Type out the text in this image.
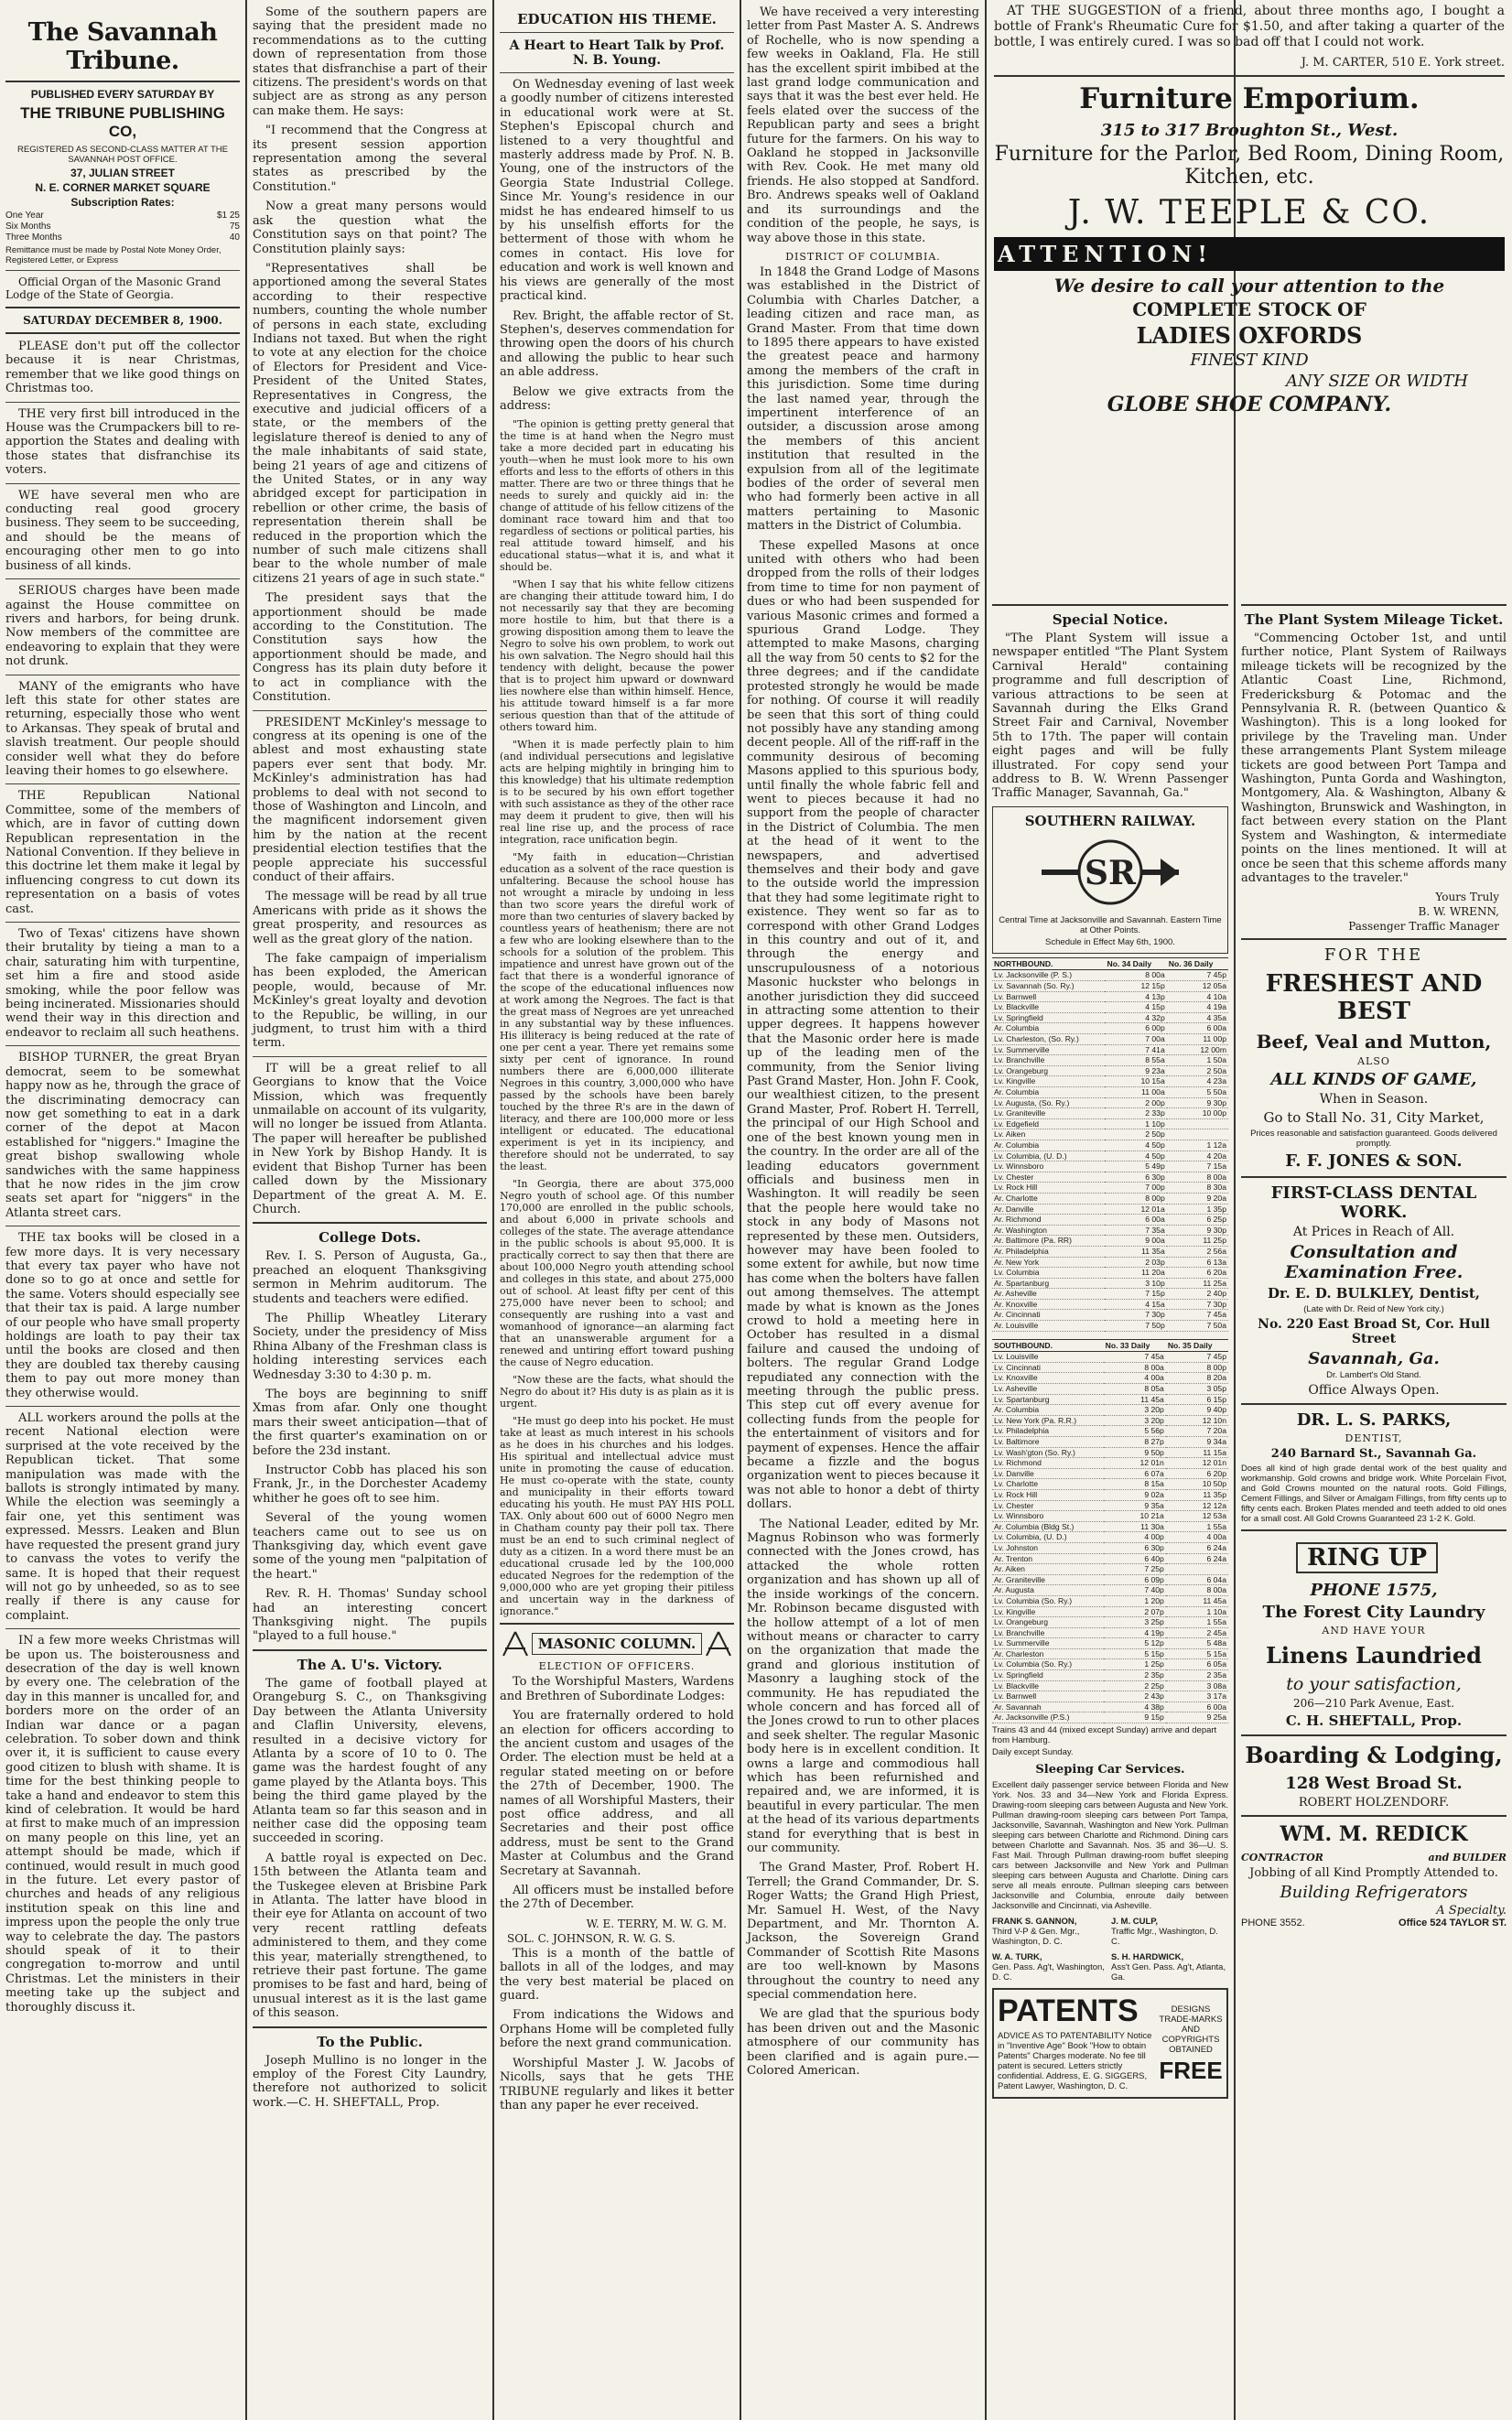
The Savannah Tribune.
PUBLISHED EVERY SATURDAY BY
THE TRIBUNE PUBLISHING CO,
REGISTERED AS SECOND-CLASS MATTER AT THE SAVANNAH POST OFFICE.
37, JULIAN STREET
N. E. CORNER MARKET SQUARE
Subscription Rates:
One Year	$1 25
Six Months	75
Three Months	40
Remittance must be made by Postal Note Money Order, Registered Letter, or Express
Official Organ of the Masonic Grand Lodge of the State of Georgia.
SATURDAY DECEMBER 8, 1900.

PLEASE don't put off the collector because it is near Christmas, remember that we like good things on Christmas too.

THE very first bill introduced in the House was the Crumpackers bill to re-apportion the States and dealing with those states that disfranchise its voters.

WE have several men who are conducting real good grocery business. They seem to be succeeding, and should be the means of encouraging other men to go into business of all kinds.

SERIOUS charges have been made against the House committee on rivers and harbors, for being drunk. Now members of the committee are endeavoring to explain that they were not drunk.

MANY of the emigrants who have left this state for other states are returning, especially those who went to Arkansas. They speak of brutal and slavish treatment. Our people should consider well what they do before leaving their homes to go elsewhere.

THE Republican National Committee, some of the members of which, are in favor of cutting down Republican representation in the National Convention. If they believe in this doctrine let them make it legal by influencing congress to cut down its representation on a basis of votes cast.

Two of Texas' citizens have shown their brutality by tieing a man to a chair, saturating him with turpentine, set him a fire and stood aside smoking, while the poor fellow was being incinerated. Missionaries should wend their way in this direction and endeavor to reclaim all such heathens.

BISHOP TURNER, the great Bryan democrat, seem to be somewhat happy now as he, through the grace of the discriminating democracy can now get something to eat in a dark corner of the depot at Macon established for "niggers." Imagine the great bishop swallowing whole sandwiches with the same happiness that he now rides in the jim crow seats set apart for "niggers" in the Atlanta street cars.

THE tax books will be closed in a few more days. It is very necessary that every tax payer who have not done so to go at once and settle for the same. Voters should especially see that their tax is paid. A large number of our people who have small property holdings are loath to pay their tax until the books are closed and then they are doubled tax thereby causing them to pay out more money than they otherwise would.

ALL workers around the polls at the recent National election were surprised at the vote received by the Republican ticket. That some manipulation was made with the ballots is strongly intimated by many. While the election was seemingly a fair one, yet this sentiment was expressed. Messrs. Leaken and Blun have requested the present grand jury to canvass the votes to verify the same. It is hoped that their request will not go by unheeded, so as to see really if there is any cause for complaint.

IN a few more weeks Christmas will be upon us. The boisterousness and desecration of the day is well known by every one. The celebration of the day in this manner is uncalled for, and borders more on the order of an Indian war dance or a pagan celebration. To sober down and think over it, it is sufficient to cause every good citizen to blush with shame. It is time for the best thinking people to take a hand and endeavor to stem this kind of celebration. It would be hard at first to make much of an impression on many people on this line, yet an attempt should be made, which if continued, would result in much good in the future. Let every pastor of churches and heads of any religious institution speak on this line and impress upon the people the only true way to celebrate the day. The pastors should speak of it to their congregation to-morrow and until Christmas. Let the ministers in their meeting take up the subject and thoroughly discuss it.

Some of the southern papers are saying that the president made no recommendations as to the cutting down of representation from those states that disfranchise a part of their citizens. The president's words on that subject are as strong as any person can make them. He says:

"I recommend that the Congress at its present session apportion representation among the several states as prescribed by the Constitution."

Now a great many persons would ask the question what the Constitution says on that point? The Constitution plainly says:

"Representatives shall be apportioned among the several States according to their respective numbers, counting the whole number of persons in each state, excluding Indians not taxed. But when the right to vote at any election for the choice of Electors for President and Vice-President of the United States, Representatives in Congress, the executive and judicial officers of a state, or the members of the legislature thereof is denied to any of the male inhabitants of said state, being 21 years of age and citizens of the United States, or in any way abridged except for participation in rebellion or other crime, the basis of representation therein shall be reduced in the proportion which the number of such male citizens shall bear to the whole number of male citizens 21 years of age in such state."

The president says that the apportionment should be made according to the Constitution. The Constitution says how the apportionment should be made, and Congress has its plain duty before it to act in compliance with the Constitution.

PRESIDENT McKinley's message to congress at its opening is one of the ablest and most exhausting state papers ever sent that body. Mr. McKinley's administration has had problems to deal with not second to those of Washington and Lincoln, and the magnificent indorsement given him by the nation at the recent presidential election testifies that the people appreciate his successful conduct of their affairs.

The message will be read by all true Americans with pride as it shows the great prosperity, and resources as well as the great glory of the nation.

The fake campaign of imperialism has been exploded, the American people, would, because of Mr. McKinley's great loyalty and devotion to the Republic, be willing, in our judgment, to trust him with a third term.

IT will be a great relief to all Georgians to know that the Voice Mission, which was frequently unmailable on account of its vulgarity, will no longer be issued from Atlanta. The paper will hereafter be published in New York by Bishop Handy. It is evident that Bishop Turner has been called down by the Missionary Department of the great A. M. E. Church.

College Dots.

Rev. I. S. Person of Augusta, Ga., preached an eloquent Thanksgiving sermon in Mehrim auditorum. The students and teachers were edified.

The Phillip Wheatley Literary Society, under the presidency of Miss Rhina Albany of the Freshman class is holding interesting services each Wednesday 3:30 to 4:30 p. m.

The boys are beginning to sniff Xmas from afar. Only one thought mars their sweet anticipation—that of the first quarter's examination on or before the 23d instant.

Instructor Cobb has placed his son Frank, Jr., in the Dorchester Academy whither he goes oft to see him.

Several of the young women teachers came out to see us on Thanksgiving day, which event gave some of the young men "palpitation of the heart."

Rev. R. H. Thomas' Sunday school had an interesting concert Thanksgiving night. The pupils "played to a full house."

The A. U's. Victory.

The game of football played at Orangeburg S. C., on Thanksgiving Day between the Atlanta University and Claflin University, elevens, resulted in a decisive victory for Atlanta by a score of 10 to 0. The game was the hardest fought of any game played by the Atlanta boys. This being the third game played by the Atlanta team so far this season and in neither case did the opposing team succeeded in scoring.

A battle royal is expected on Dec. 15th between the Atlanta team and the Tuskegee eleven at Brisbine Park in Atlanta. The latter have blood in their eye for Atlanta on account of two very recent rattling defeats administered to them, and they come this year, materially strengthened, to retrieve their past fortune. The game promises to be fast and hard, being of unusual interest as it is the last game of this season.

To the Public.

Joseph Mullino is no longer in the employ of the Forest City Laundry, therefore not authorized to solicit work.—C. H. SHEFTALL, Prop.

EDUCATION HIS THEME.
A Heart to Heart Talk by Prof. N. B. Young.

On Wednesday evening of last week a goodly number of citizens interested in educational work were at St. Stephen's Episcopal church and listened to a very thoughtful and masterly address made by Prof. N. B. Young, one of the instructors of the Georgia State Industrial College. Since Mr. Young's residence in our midst he has endeared himself to us by his unselfish efforts for the betterment of those with whom he comes in contact. His love for education and work is well known and his views are generally of the most practical kind.

Rev. Bright, the affable rector of St. Stephen's, deserves commendation for throwing open the doors of his church and allowing the public to hear such an able address.

Below we give extracts from the address:

"The opinion is getting pretty general that the time is at hand when the Negro must take a more decided part in educating his youth—when he must look more to his own efforts and less to the efforts of others in this matter. There are two or three things that he needs to surely and quickly aid in: the change of attitude of his fellow citizens of the dominant race toward him and that too regardless of sections or political parties, his real attitude toward himself, and his educational status—what it is, and what it should be.

"When I say that his white fellow citizens are changing their attitude toward him, I do not necessarily say that they are becoming more hostile to him, but that there is a growing disposition among them to leave the Negro to solve his own problem, to work out his own salvation. The Negro should hail this tendency with delight, because the power that is to project him upward or downward lies nowhere else than within himself. Hence, his attitude toward himself is a far more serious question than that of the attitude of others toward him.

"When it is made perfectly plain to him (and individual persecutions and legislative acts are helping mightily in bringing him to this knowledge) that his ultimate redemption is to be secured by his own effort together with such assistance as they of the other race may deem it prudent to give, then will his real line rise up, and the process of race integration, race unification begin.

"My faith in education—Christian education as a solvent of the race question is unfaltering. Because the school house has not wrought a miracle by undoing in less than two score years the direful work of more than two centuries of slavery backed by countless years of heathenism; there are not a few who are looking elsewhere than to the schools for a solution of the problem. This impatience and unrest have grown out of the fact that there is a wonderful ignorance of the scope of the educational influences now at work among the Negroes. The fact is that the great mass of Negroes are yet unreached in any substantial way by these influences. His illiteracy is being reduced at the rate of one per cent a year. There yet remains some sixty per cent of ignorance. In round numbers there are 6,000,000 illiterate Negroes in this country, 3,000,000 who have passed by the schools have been barely touched by the three R's are in the dawn of literacy, and there are 100,000 more or less intelligent or educated. The educational experiment is yet in its incipiency, and therefore should not be underrated, to say the least.

"In Georgia, there are about 375,000 Negro youth of school age. Of this number 170,000 are enrolled in the public schools, and about 6,000 in private schools and colleges of the state. The average attendance in the public schools is about 95,000. It is practically correct to say then that there are about 100,000 Negro youth attending school and colleges in this state, and about 275,000 out of school. At least fifty per cent of this 275,000 have never been to school; and consequently are rushing into a vast and womanhood of ignorance—an alarming fact that an unanswerable argument for a renewed and untiring effort toward pushing the cause of Negro education.

"Now these are the facts, what should the Negro do about it? His duty is as plain as it is urgent.

"He must go deep into his pocket. He must take at least as much interest in his schools as he does in his churches and his lodges. His spiritual and intellectual advice must unite in promoting the cause of education. He must co-operate with the state, county and municipality in their efforts toward educating his youth. He must PAY HIS POLL TAX. Only about 600 out of 6000 Negro men in Chatham county pay their poll tax. There must be an end to such criminal neglect of duty as a citizen. In a word there must be an educational crusade led by the 100,000 educated Negroes for the redemption of the 9,000,000 who are yet groping their pitiless and uncertain way in the darkness of ignorance."

MASONIC COLUMN.
ELECTION OF OFFICERS.

To the Worshipful Masters, Wardens and Brethren of Subordinate Lodges:

You are fraternally ordered to hold an election for officers according to the ancient custom and usages of the Order. The election must be held at a regular stated meeting on or before the 27th of December, 1900. The names of all Worshipful Masters, their post office address, and all Secretaries and their post office address, must be sent to the Grand Master at Columbus and the Grand Secretary at Savannah.

All officers must be installed before the 27th of December.

W. E. TERRY, M. W. G. M.
SOL. C. JOHNSON, R. W. G. S.

This is a month of the battle of ballots in all of the lodges, and may the very best material be placed on guard.

From indications the Widows and Orphans Home will be completed fully before the next grand communication.

Worshipful Master J. W. Jacobs of Nicolls, says that he gets THE TRIBUNE regularly and likes it better than any paper he ever received.

We have received a very interesting letter from Past Master A. S. Andrews of Rochelle, who is now spending a few weeks in Oakland, Fla. He still has the excellent spirit imbibed at the last grand lodge communication and says that it was the best ever held. He feels elated over the success of the Republican party and sees a bright future for the farmers. On his way to Oakland he stopped in Jacksonville with Rev. Cook. He met many old friends. He also stopped at Sandford. Bro. Andrews speaks well of Oakland and its surroundings and the condition of the people, he says, is way above those in this state.

DISTRICT OF COLUMBIA.

In 1848 the Grand Lodge of Masons was established in the District of Columbia with Charles Datcher, a leading citizen and race man, as Grand Master. From that time down to 1895 there appears to have existed the greatest peace and harmony among the members of the craft in this jurisdiction. Some time during the last named year, through the impertinent interference of an outsider, a discussion arose among the members of this ancient institution that resulted in the expulsion from all of the legitimate bodies of the order of several men who had formerly been active in all matters pertaining to Masonic matters in the District of Columbia.

These expelled Masons at once united with others who had been dropped from the rolls of their lodges from time to time for non payment of dues or who had been suspended for various Masonic crimes and formed a spurious Grand Lodge. They attempted to make Masons, charging all the way from 50 cents to $2 for the three degrees; and if the candidate protested strongly he would be made for nothing. Of course it will readily be seen that this sort of thing could not possibly have any standing among decent people. All of the riff-raff in the community desirous of becoming Masons applied to this spurious body, until finally the whole fabric fell and went to pieces because it had no support from the people of character in the District of Columbia. The men at the head of it went to the newspapers, and advertised themselves and their body and gave to the outside world the impression that they had some legitimate right to existence. They went so far as to correspond with other Grand Lodges in this country and out of it, and through the energy and unscrupulousness of a notorious Masonic huckster who belongs in another jurisdiction they did succeed in attracting some attention to their upper degrees. It happens however that the Masonic order here is made up of the leading men of the community, from the Senior living Past Grand Master, Hon. John F. Cook, our wealthiest citizen, to the present Grand Master, Prof. Robert H. Terrell, the principal of our High School and one of the best known young men in the country. In the order are all of the leading educators government officials and business men in Washington. It will readily be seen that the people here would take no stock in any body of Masons not represented by these men. Outsiders, however may have been fooled to some extent for awhile, but now time has come when the bolters have fallen out among themselves. The attempt made by what is known as the Jones crowd to hold a meeting here in October has resulted in a dismal failure and caused the undoing of bolters. The regular Grand Lodge repudiated any connection with the meeting through the public press. This step cut off every avenue for collecting funds from the people for the entertainment of visitors and for payment of expenses. Hence the affair became a fizzle and the bogus organization went to pieces because it was not able to honor a debt of thirty dollars.

The National Leader, edited by Mr. Magnus Robinson who was formerly connected with the Jones crowd, has attacked the whole rotten organization and has shown up all of the inside workings of the concern. Mr. Robinson became disgusted with the hollow attempt of a lot of men without means or character to carry on the organization that made the grand and glorious institution of Masonry a laughing stock of the community. He has repudiated the whole concern and has forced all of the Jones crowd to run to other places and seek shelter. The regular Masonic body here is in excellent condition. It owns a large and commodious hall which has been refurnished and repaired and, we are informed, it is beautiful in every particular. The men at the head of its various departments stand for everything that is best in our community.

The Grand Master, Prof. Robert H. Terrell; the Grand Commander, Dr. S. Roger Watts; the Grand High Priest, Mr. Samuel H. West, of the Navy Department, and Mr. Thornton A. Jackson, the Sovereign Grand Commander of Scottish Rite Masons are too well-known by Masons throughout the country to need any special commendation here.

We are glad that the spurious body has been driven out and the Masonic atmosphere of our community has been clarified and is again pure.—Colored American.

AT THE SUGGESTION of a friend, about three months ago, I bought a bottle of Frank's Rheumatic Cure for $1.50, and after taking a quarter of the bottle, I was entirely cured. I was so bad off that I could not work.

J. M. CARTER, 510 E. York street.
Furniture Emporium.
315 to 317 Broughton St., West.
Furniture for the Parlor, Bed Room, Dining Room, Kitchen, etc.
J. W. TEEPLE & CO.
ATTENTION!
We desire to call your attention to the
COMPLETE STOCK OF
LADIES OXFORDS
FINEST KIND
ANY SIZE OR WIDTH
GLOBE SHOE COMPANY.
Special Notice.

"The Plant System will issue a newspaper entitled "The Plant System Carnival Herald" containing programme and full description of various attractions to be seen at Savannah during the Elks Grand Street Fair and Carnival, November 5th to 17th. The paper will contain eight pages and will be fully illustrated. For copy send your address to B. W. Wrenn Passenger Traffic Manager, Savannah, Ga."

SOUTHERN RAILWAY.
SR
Central Time at Jacksonville and Savannah. Eastern Time at Other Points.
Schedule in Effect May 6th, 1900.
NORTHBOUND.	No. 34 Daily	No. 36 Daily
Lv. Jacksonville (P. S.)	8 00a	7 45p
Lv. Savannah (So. Ry.)	12 15p	12 05a
Lv. Barnwell	4 13p	4 10a
Lv. Blackville	4 15p	4 19a
Lv. Springfield	4 32p	4 35a
Ar. Columbia	6 00p	6 00a
Lv. Charleston, (So. Ry.)	7 00a	11 00p
Lv. Summerville	7 41a	12 00m
Lv. Branchville	8 55a	1 50a
Lv. Orangeburg	9 23a	2 50a
Lv. Kingville	10 15a	4 23a
Ar. Columbia	11 00a	5 50a
Lv. Augusta, (So. Ry.)	2 00p	9 30p
Lv. Graniteville	2 33p	10 00p
Lv. Edgefield	1 10p	
Lv. Aiken	2 50p	
Ar. Columbia	4 50p	1 12a
Lv. Columbia, (U. D.)	4 50p	4 20a
Lv. Winnsboro	5 49p	7 15a
Lv. Chester	6 30p	8 00a
Lv. Rock Hill	7 00p	8 30a
Ar. Charlotte	8 00p	9 20a
Ar. Danville	12 01a	1 35p
Ar. Richmond	6 00a	6 25p
Ar. Washington	7 35a	9 30p
Ar. Baltimore (Pa. RR)	9 00a	11 25p
Ar. Philadelphia	11 35a	2 56a
Ar. New York	2 03p	6 13a
Lv. Columbia	11 20a	6 20a
Ar. Spartanburg	3 10p	11 25a
Ar. Asheville	7 15p	2 40p
Ar. Knoxville	4 15a	7 30p
Ar. Cincinnati	7 30p	7 45a
Ar. Louisville	7 50p	7 50a
SOUTHBOUND.	No. 33 Daily	No. 35 Daily
Lv. Louisville	7 45a	7 45p
Lv. Cincinnati	8 00a	8 00p
Lv. Knoxville	4 00a	8 20a
Lv. Asheville	8 05a	3 05p
Lv. Spartanburg	11 45a	6 15p
Ar. Columbia	3 20p	9 40p
Lv. New York (Pa. R.R.)	3 20p	12 10n
Lv. Philadelphia	5 56p	7 20a
Lv. Baltimore	8 27p	9 34a
Lv. Wash'gton (So. Ry.)	9 50p	11 15a
Lv. Richmond	12 01n	12 01n
Lv. Danville	6 07a	6 20p
Lv. Charlotte	8 15a	10 50p
Lv. Rock Hill	9 02a	11 35p
Lv. Chester	9 35a	12 12a
Lv. Winnsboro	10 21a	12 53a
Ar. Columbia (Bldg St.)	11 30a	1 55a
Lv. Columbia, (U. D.)	4 00p	4 00a
Lv. Johnston	6 30p	6 24a
Ar. Trenton	6 40p	6 24a
Ar. Aiken	7 25p	
Ar. Graniteville	6 09p	6 04a
Ar. Augusta	7 40p	8 00a
Lv. Columbia (So. Ry.)	1 20p	11 45a
Lv. Kingville	2 07p	1 10a
Lv. Orangeburg	3 25p	1 55a
Lv. Branchville	4 19p	2 45a
Lv. Summerville	5 12p	5 48a
Ar. Charleston	5 15p	5 15a
Lv. Columbia (So. Ry.)	1 25p	6 05a
Lv. Springfield	2 35p	2 35a
Lv. Blackville	2 25p	3 08a
Lv. Barnwell	2 43p	3 17a
Ar. Savannah	4 38p	6 00a
Ar. Jacksonville (P.S.)	9 15p	9 25a
Trains 43 and 44 (mixed except Sunday) arrive and depart from Hamburg.
Daily except Sunday.
Sleeping Car Services.
Excellent daily passenger service between Florida and New York. Nos. 33 and 34—New York and Florida Express. Drawing-room sleeping cars between Augusta and New York. Pullman drawing-room sleeping cars between Port Tampa, Jacksonville, Savannah, Washington and New York. Pullman sleeping cars between Charlotte and Richmond. Dining cars between Charlotte and Savannah. Nos. 35 and 36—U. S. Fast Mail. Through Pullman drawing-room buffet sleeping cars between Jacksonville and New York and Pullman sleeping cars between Augusta and Charlotte. Dining cars serve all meals enroute. Pullman sleeping cars between Jacksonville and Columbia, enroute daily between Jacksonville and Cincinnati, via Asheville.
FRANK S. GANNON,
Third V-P & Gen. Mgr., Washington, D. C.
J. M. CULP,
Traffic Mgr., Washington, D. C.
W. A. TURK,
Gen. Pass. Ag't, Washington, D. C.
S. H. HARDWICK,
Ass't Gen. Pass. Ag't, Atlanta, Ga.
PATENTS
ADVICE AS TO PATENTABILITY Notice in "Inventive Age" Book "How to obtain Patents" Charges moderate. No fee till patent is secured. Letters strictly confidential. Address, E. G. SIGGERS, Patent Lawyer, Washington, D. C.
DESIGNS TRADE-MARKS AND COPYRIGHTS OBTAINED
FREE
The Plant System Mileage Ticket.

"Commencing October 1st, and until further notice, Plant System of Railways mileage tickets will be recognized by the Atlantic Coast Line, Richmond, Fredericksburg & Potomac and the Pennsylvania R. R. (between Quantico & Washington). This is a long looked for privilege by the Traveling man. Under these arrangements Plant System mileage tickets are good between Port Tampa and Washington, Punta Gorda and Washington, Montgomery, Ala. & Washington, Albany & Washington, Brunswick and Washington, in fact between every station on the Plant System and Washington, & intermediate points on the lines mentioned. It will at once be seen that this scheme affords many advantages to the traveler."

Yours Truly
B. W. WRENN,
Passenger Traffic Manager
FOR THE
FRESHEST AND BEST
Beef, Veal and Mutton,
ALSO
ALL KINDS OF GAME,
When in Season.
Go to Stall No. 31, City Market,
Prices reasonable and satisfaction guaranteed. Goods delivered promptly.
F. F. JONES & SON.
FIRST-CLASS DENTAL WORK.
At Prices in Reach of All.
Consultation and Examination Free.
Dr. E. D. BULKLEY, Dentist,
(Late with Dr. Reid of New York city.)
No. 220 East Broad St, Cor. Hull Street
Savannah, Ga.
Dr. Lambert's Old Stand.
Office Always Open.
DR. L. S. PARKS,
DENTIST,
240 Barnard St., Savannah Ga.
Does all kind of high grade dental work of the best quality and workmanship. Gold crowns and bridge work. White Porcelain Fivot, and Gold Crowns mounted on the natural roots. Gold Fillings, Cement Fillings, and Silver or Amalgam Fillings, from fifty cents up to fifty cents each. Broken Plates mended and teeth added to old ones for a small cost. All Gold Crowns Guaranteed 23 1-2 K. Gold.
RING UP
PHONE 1575,
The Forest City Laundry
AND HAVE YOUR
Linens Laundried
to your satisfaction,
206—210 Park Avenue, East.
C. H. SHEFTALL, Prop.
Boarding & Lodging,
128 West Broad St.
ROBERT HOLZENDORF.
WM. M. REDICK
CONTRACTOR	and BUILDER
Jobbing of all Kind Promptly Attended to.
Building Refrigerators
A Specialty.
PHONE 3552.	Office 524 TAYLOR ST.
